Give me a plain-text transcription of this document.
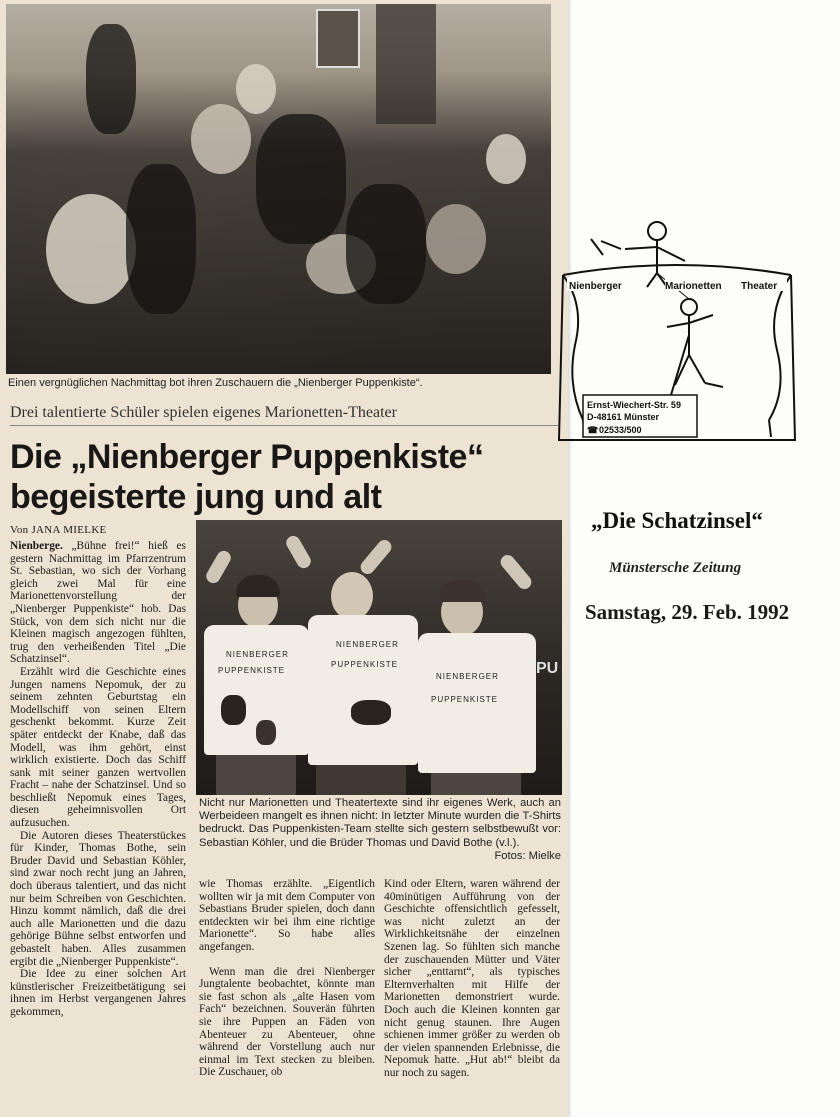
Einen vergnüglichen Nachmittag bot ihren Zuschauern die „Nienberger Puppenkiste“.
Drei talentierte Schüler spielen eigenes Marionetten-Theater
Die „Nienberger Puppenkiste“
begeisterte jung und alt
Von JANA MIELKE

Nienberge. „Bühne frei!“ hieß es gestern Nachmittag im Pfarrzentrum St. Sebastian, wo sich der Vorhang gleich zwei Mal für eine Marionettenvorstellung der „Nienberger Puppenkiste“ hob. Das Stück, von dem sich nicht nur die Kleinen magisch angezogen fühlten, trug den verheißenden Titel „Die Schatzinsel“.

Erzählt wird die Geschichte eines Jungen namens Nepomuk, der zu seinem zehnten Geburtstag ein Modellschiff von seinen Eltern geschenkt bekommt. Kurze Zeit später entdeckt der Knabe, daß das Modell, was ihm gehört, einst wirklich existierte. Doch das Schiff sank mit seiner ganzen wertvollen Fracht – nahe der Schatzinsel. Und so beschließt Nepomuk eines Tages, diesen geheimnisvollen Ort aufzusuchen.

Die Autoren dieses Theaterstückes für Kinder, Thomas Bothe, sein Bruder David und Sebastian Köhler, sind zwar noch recht jung an Jahren, doch überaus talentiert, und das nicht nur beim Schreiben von Geschichten. Hinzu kommt nämlich, daß die drei auch alle Marionetten und die dazu gehörige Bühne selbst entworfen und gebastelt haben. Alles zusammen ergibt die „Nienberger Puppenkiste“.

Die Idee zu einer solchen Art künstlerischer Freizeitbetätigung sei ihnen im Herbst vergangenen Jahres gekommen,

NIENBERGER
PUPPENKISTE
NIENBERGER
PUPPENKISTE
NIENBERGER
PUPPENKISTE
PU
Nicht nur Marionetten und Theatertexte sind ihr eigenes Werk, auch an Werbeideen mangelt es ihnen nicht: In letzter Minute wurden die T-Shirts bedruckt. Das Puppenkisten-Team stellte sich gestern selbstbewußt vor: Sebastian Köhler, und die Brüder Thomas und David Bothe (v.l.).
Fotos: Mielke

wie Thomas erzählte. „Eigentlich wollten wir ja mit dem Computer von Sebastians Bruder spielen, doch dann entdeckten wir bei ihm eine richtige Marionette“. So habe alles angefangen.

Wenn man die drei Nienberger Jungtalente beobachtet, könnte man sie fast schon als „alte Hasen vom Fach“ bezeichnen. Souverän führten sie ihre Puppen an Fäden von Abenteuer zu Abenteuer, ohne während der Vorstellung auch nur einmal im Text stecken zu bleiben. Die Zuschauer, ob

Kind oder Eltern, waren während der 40minütigen Aufführung von der Geschichte offensichtlich gefesselt, was nicht zuletzt an der Wirklichkeitsnähe der einzelnen Szenen lag. So fühlten sich manche der zuschauenden Mütter und Väter sicher „enttarnt“, als typisches Elternverhalten mit Hilfe der Marionetten demonstriert wurde. Doch auch die Kleinen konnten gar nicht genug staunen. Ihre Augen schienen immer größer zu werden ob der vielen spannenden Erlebnisse, die Nepomuk hatte. „Hut ab!“ bleibt da nur noch zu sagen.

Nienberger	Marionetten Theater
Ernst-Wiechert-Str. 59
D-48161 Münster
☎ 02533/500
„Die Schatzinsel“
Münstersche Zeitung
Samstag, 29. Feb. 1992
